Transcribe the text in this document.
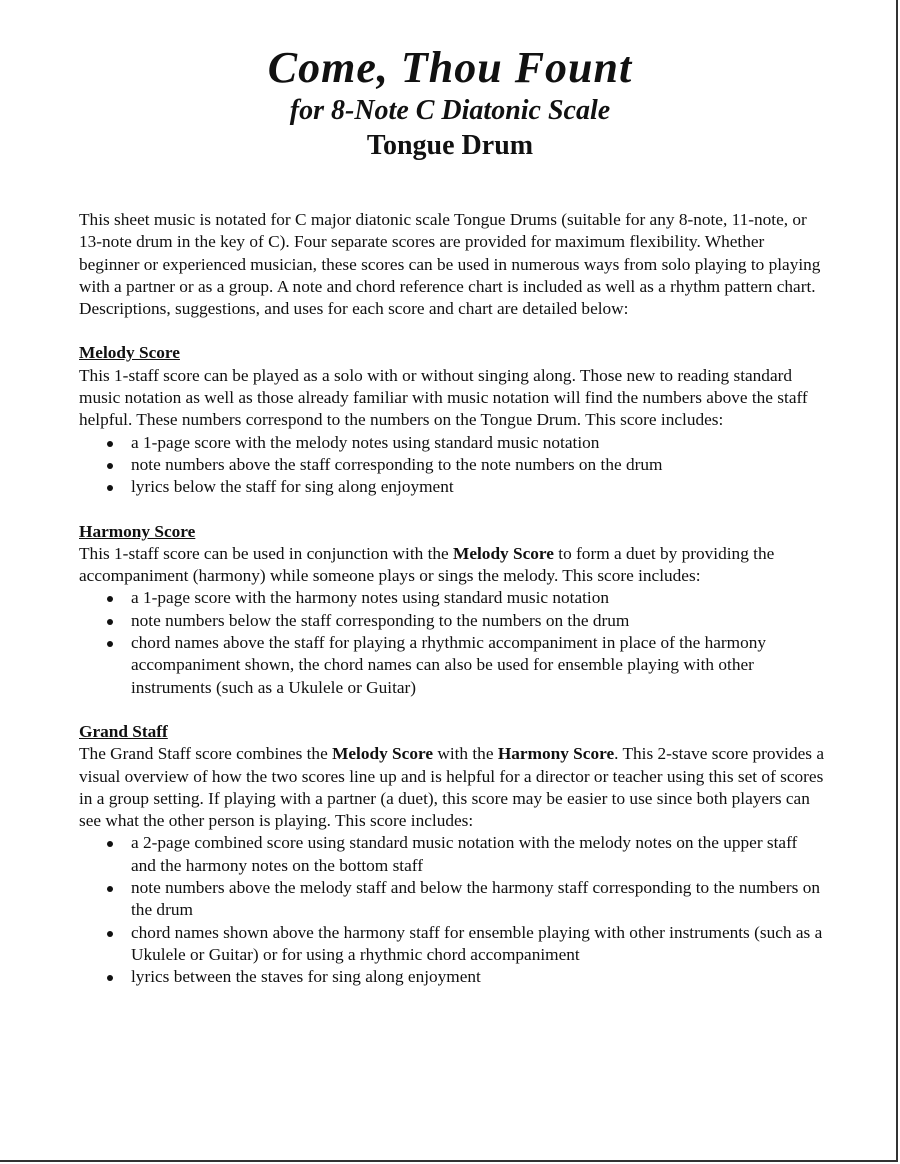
Come, Thou Fount
for 8-Note C Diatonic Scale
Tongue Drum

This sheet music is notated for C major diatonic scale Tongue Drums (suitable for any 8-note, 11-note, or 13-note drum in the key of C). Four separate scores are provided for maximum flexibility. Whether beginner or experienced musician, these scores can be used in numerous ways from solo playing to playing with a partner or as a group. A note and chord reference chart is included as well as a rhythm pattern chart. Descriptions, suggestions, and uses for each score and chart are detailed below:

Melody Score

This 1-staff score can be played as a solo with or without singing along. Those new to reading standard music notation as well as those already familiar with music notation will find the numbers above the staff helpful. These numbers correspond to the numbers on the Tongue Drum. This score includes:

a 1-page score with the melody notes using standard music notation
note numbers above the staff corresponding to the note numbers on the drum
lyrics below the staff for sing along enjoyment

Harmony Score

This 1-staff score can be used in conjunction with the Melody Score to form a duet by providing the accompaniment (harmony) while someone plays or sings the melody. This score includes:

a 1-page score with the harmony notes using standard music notation
note numbers below the staff corresponding to the numbers on the drum
chord names above the staff for playing a rhythmic accompaniment in place of the harmony accompaniment shown, the chord names can also be used for ensemble playing with other instruments (such as a Ukulele or Guitar)

Grand Staff

The Grand Staff score combines the Melody Score with the Harmony Score. This 2-stave score provides a visual overview of how the two scores line up and is helpful for a director or teacher using this set of scores in a group setting. If playing with a partner (a duet), this score may be easier to use since both players can see what the other person is playing. This score includes:

a 2-page combined score using standard music notation with the melody notes on the upper staff and the harmony notes on the bottom staff
note numbers above the melody staff and below the harmony staff corresponding to the numbers on the drum
chord names shown above the harmony staff for ensemble playing with other instruments (such as a Ukulele or Guitar) or for using a rhythmic chord accompaniment
lyrics between the staves for sing along enjoyment
